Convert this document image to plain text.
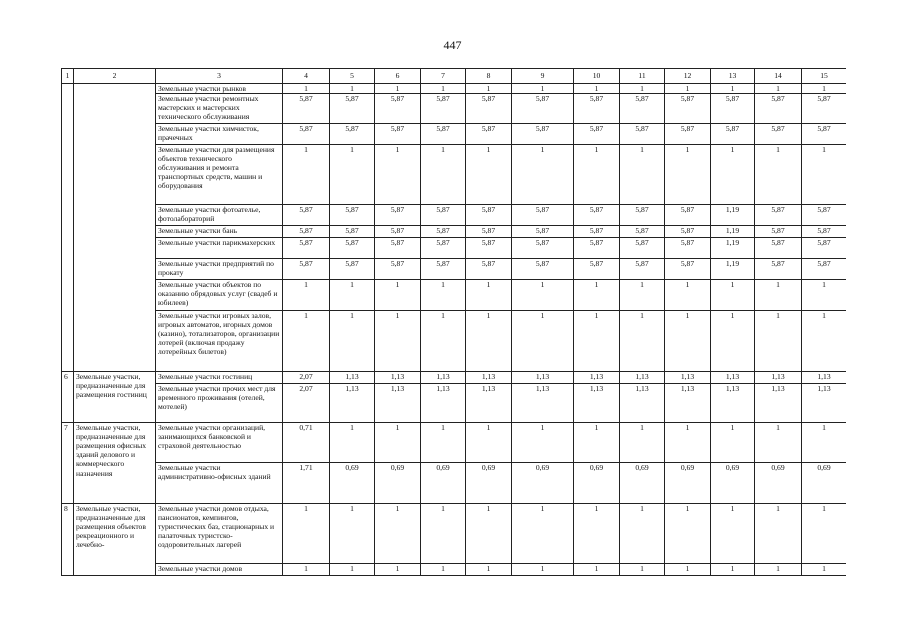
447
1	2	3	4	5	6	7	8	9	10	11	12	13	14	15
		Земельные участки рынков	1	1	1	1	1	1	1	1	1	1	1	1
		Земельные участки ремонтных мастерских и мастерских технического обслуживания	5,87	5,87	5,87	5,87	5,87	5,87	5,87	5,87	5,87	5,87	5,87	5,87
		Земельные участки химчисток, прачечных	5,87	5,87	5,87	5,87	5,87	5,87	5,87	5,87	5,87	5,87	5,87	5,87
		Земельные участки для размещения объектов технического обслуживания и ремонта транспортных средств, машин и оборудования	1	1	1	1	1	1	1	1	1	1	1	1
		Земельные участки фотоателье, фотолабораторий	5,87	5,87	5,87	5,87	5,87	5,87	5,87	5,87	5,87	1,19	5,87	5,87
		Земельные участки бань	5,87	5,87	5,87	5,87	5,87	5,87	5,87	5,87	5,87	1,19	5,87	5,87
		Земельные участки парикмахерских	5,87	5,87	5,87	5,87	5,87	5,87	5,87	5,87	5,87	1,19	5,87	5,87
		Земельные участки предприятий по прокату	5,87	5,87	5,87	5,87	5,87	5,87	5,87	5,87	5,87	1,19	5,87	5,87
		Земельные участки объектов по оказанию обрядовых услуг (свадеб и юбилеев)	1	1	1	1	1	1	1	1	1	1	1	1
		Земельные участки игровых залов, игровых автоматов, игорных домов (казино), тотализаторов, организации лотерей (включая продажу лотерейных билетов)	1	1	1	1	1	1	1	1	1	1	1	1
6	Земельные участки, предназначенные для размещения гостиниц	Земельные участки гостиниц	2,07	1,13	1,13	1,13	1,13	1,13	1,13	1,13	1,13	1,13	1,13	1,13
		Земельные участки прочих мест для временного проживания (отелей, мотелей)	2,07	1,13	1,13	1,13	1,13	1,13	1,13	1,13	1,13	1,13	1,13	1,13
7	Земельные участки, предназначенные для размещения офисных зданий делового и коммерческого назначения	Земельные участки организаций, занимающихся банковской и страховой деятельностью	0,71	1	1	1	1	1	1	1	1	1	1	1
		Земельные участки административно-офисных зданий	1,71	0,69	0,69	0,69	0,69	0,69	0,69	0,69	0,69	0,69	0,69	0,69
8	Земельные участки, предназначенные для размещения объектов рекреационного и лечебно-	Земельные участки домов отдыха, пансионатов, кемпингов, туристических баз, стационарных и палаточных туристско-оздоровительных лагерей	1	1	1	1	1	1	1	1	1	1	1	1
		Земельные участки домов	1	1	1	1	1	1	1	1	1	1	1	1
